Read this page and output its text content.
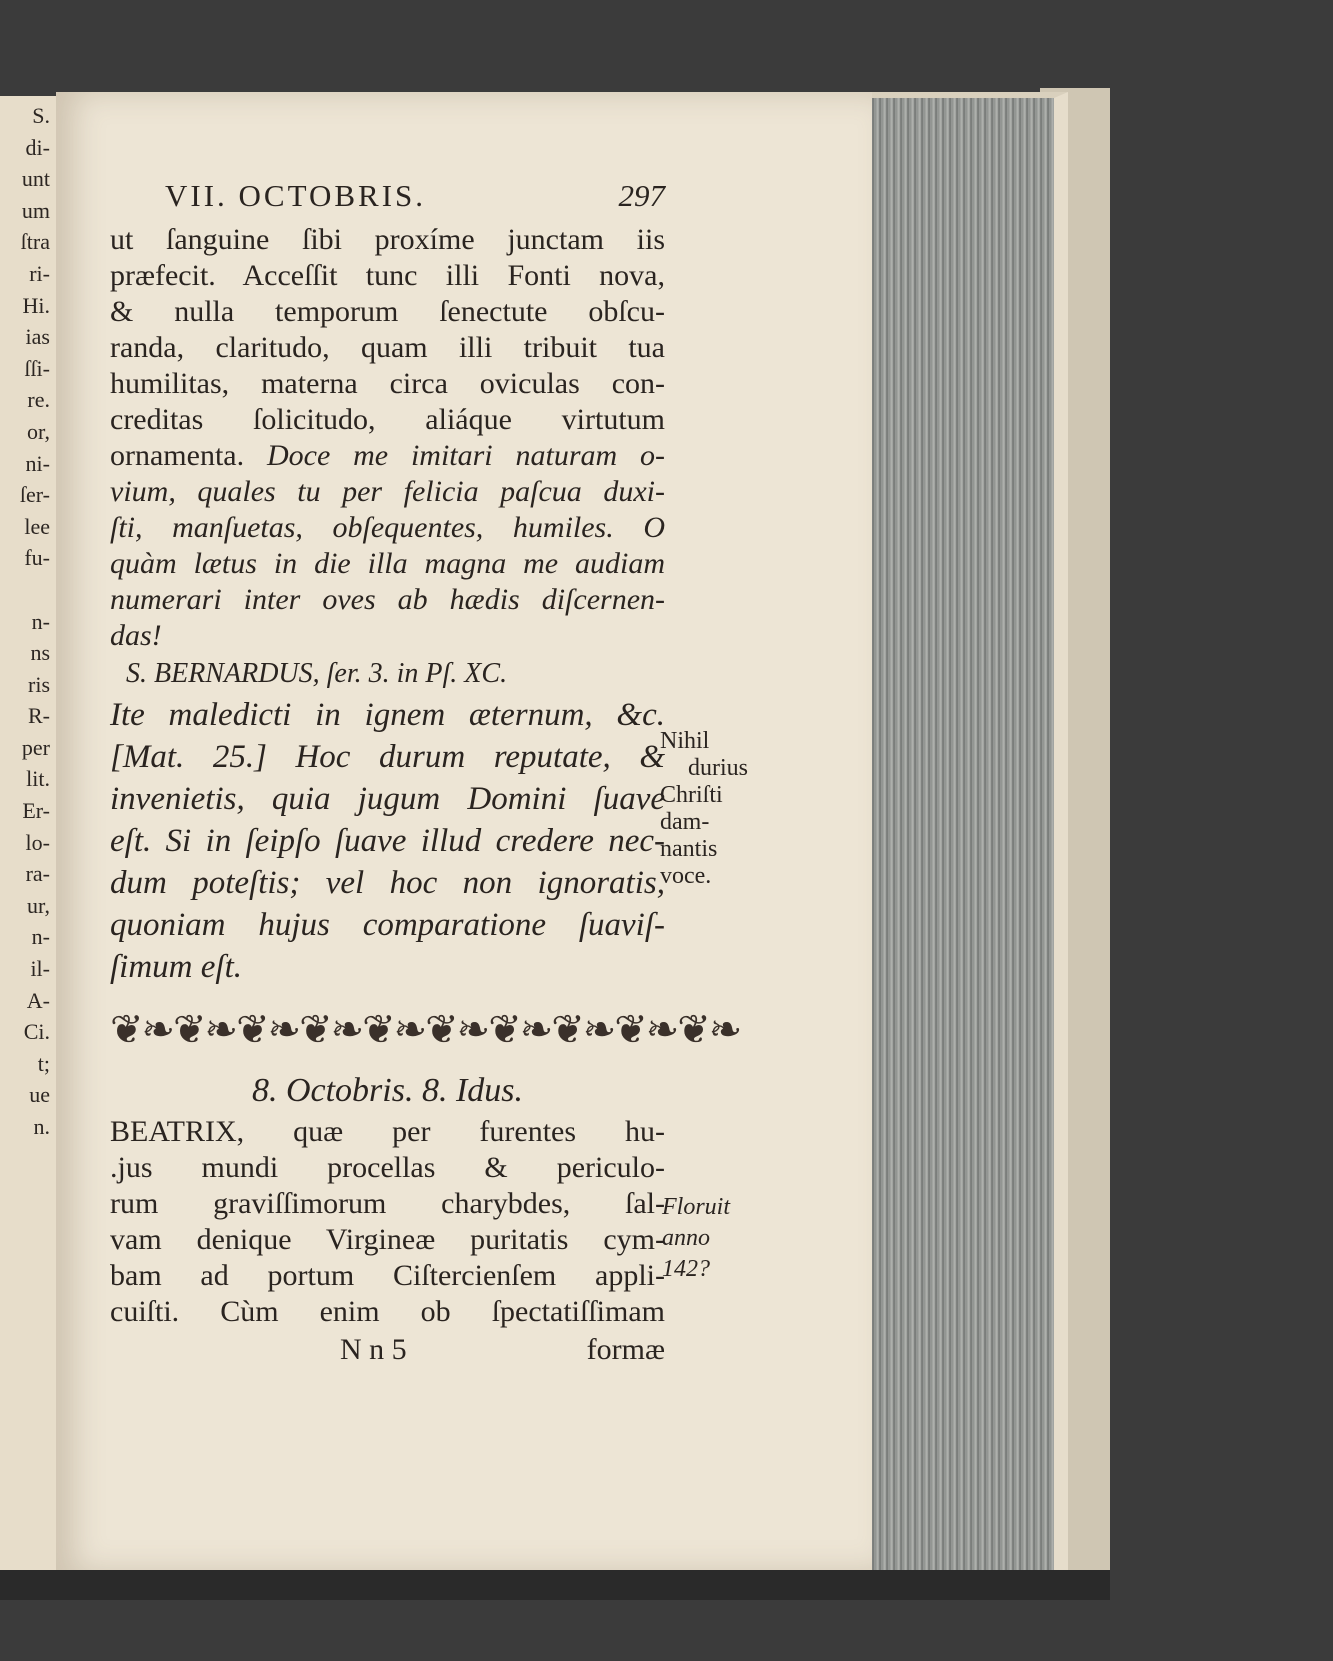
S.
di-
unt
um
ſtra
ri-
Hi.
ias
ſſi-
re.
or,
ni-
ſer-
lee
fu-
n-
ns
ris
R-
per
lit.
Er-
lo-
ra-
ur,
n-
il-
A-
Ci.
t;
ue
n.
VII. OCTOBRIS.	297
ut ſanguine ſibi proxíme junctam iis
præfecit. Acceſſit tunc illi Fonti nova,
& nulla temporum ſenectute obſcu-
randa, claritudo, quam illi tribuit tua
humilitas, materna circa oviculas con-
creditas ſolicitudo, aliáque virtutum
ornamenta. Doce me imitari naturam o-
vium, quales tu per felicia paſcua duxi-
ſti, manſuetas, obſequentes, humiles. O
quàm lætus in die illa magna me audiam
numerari inter oves ab hædis diſcernen-
das!
S. BERNARDUS, ſer. 3. in Pſ. XC.
Ite maledicti in ignem æternum, &c.
[Mat. 25.] Hoc durum reputate, &
invenietis, quia jugum Domini ſuave
eſt. Si in ſeipſo ſuave illud credere nec-
dum poteſtis; vel hoc non ignoratis,
quoniam hujus comparatione ſuaviſ-
ſimum eſt.
❦❧❦❧❦❧❦❧❦❧❦❧❦❧❦❧❦❧❦❧
8. Octobris. 8. Idus.
BEATRIX, quæ per furentes hu-
.jus mundi procellas & periculo-
rum graviſſimorum charybdes, ſal-
vam denique Virgineæ puritatis cym-
bam ad portum Ciſtercienſem appli-
cuiſti. Cùm enim ob ſpectatiſſimam
N n 5	formæ
Nihil
durius
Chriſti
dam-
nantis
voce.
Floruit
anno
142?
